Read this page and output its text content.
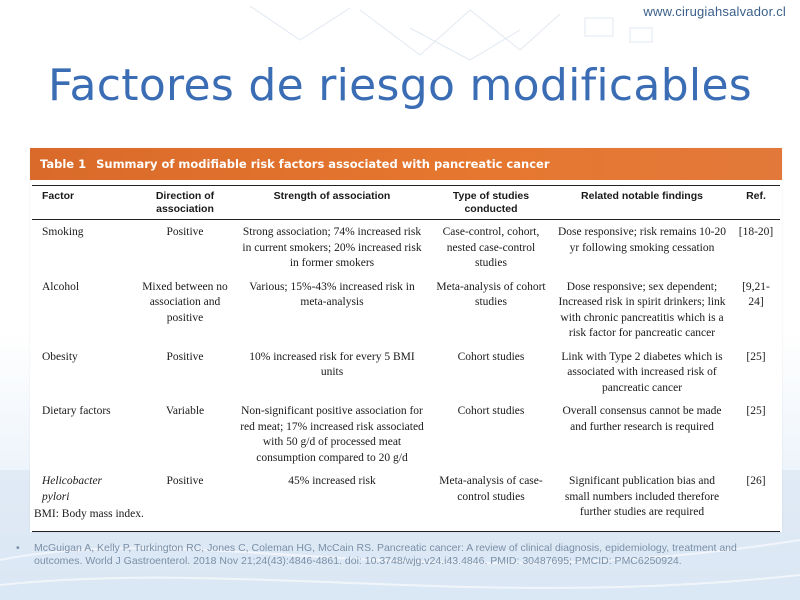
www.cirugiahsalvador.cl
Factores de riesgo modificables
Table 1 Summary of modifiable risk factors associated with pancreatic cancer
Factor	Direction of association	Strength of association	Type of studies conducted	Related notable findings	Ref.
Smoking	Positive	Strong association; 74% increased risk in current smokers; 20% increased risk in former smokers	Case-control, cohort, nested case-control studies	Dose responsive; risk remains 10-20 yr following smoking cessation	[18-20]
Alcohol	Mixed between no association and positive	Various; 15%-43% increased risk in meta-analysis	Meta-analysis of cohort studies	Dose responsive; sex dependent; Increased risk in spirit drinkers; link with chronic pancreatitis which is a risk factor for pancreatic cancer	[9,21-24]
Obesity	Positive	10% increased risk for every 5 BMI units	Cohort studies	Link with Type 2 diabetes which is associated with increased risk of pancreatic cancer	[25]
Dietary factors	Variable	Non-significant positive association for red meat; 17% increased risk associated with 50 g/d of processed meat consumption compared to 20 g/d	Cohort studies	Overall consensus cannot be made and further research is required	[25]
Helicobacter pylori	Positive	45% increased risk	Meta-analysis of case-control studies	Significant publication bias and small numbers included therefore further studies are required	[26]
BMI: Body mass index.
• McGuigan A, Kelly P, Turkington RC, Jones C, Coleman HG, McCain RS. Pancreatic cancer: A review of clinical diagnosis, epidemiology, treatment and outcomes. World J Gastroenterol. 2018 Nov 21;24(43):4846-4861. doi: 10.3748/wjg.v24.i43.4846. PMID: 30487695; PMCID: PMC6250924.
